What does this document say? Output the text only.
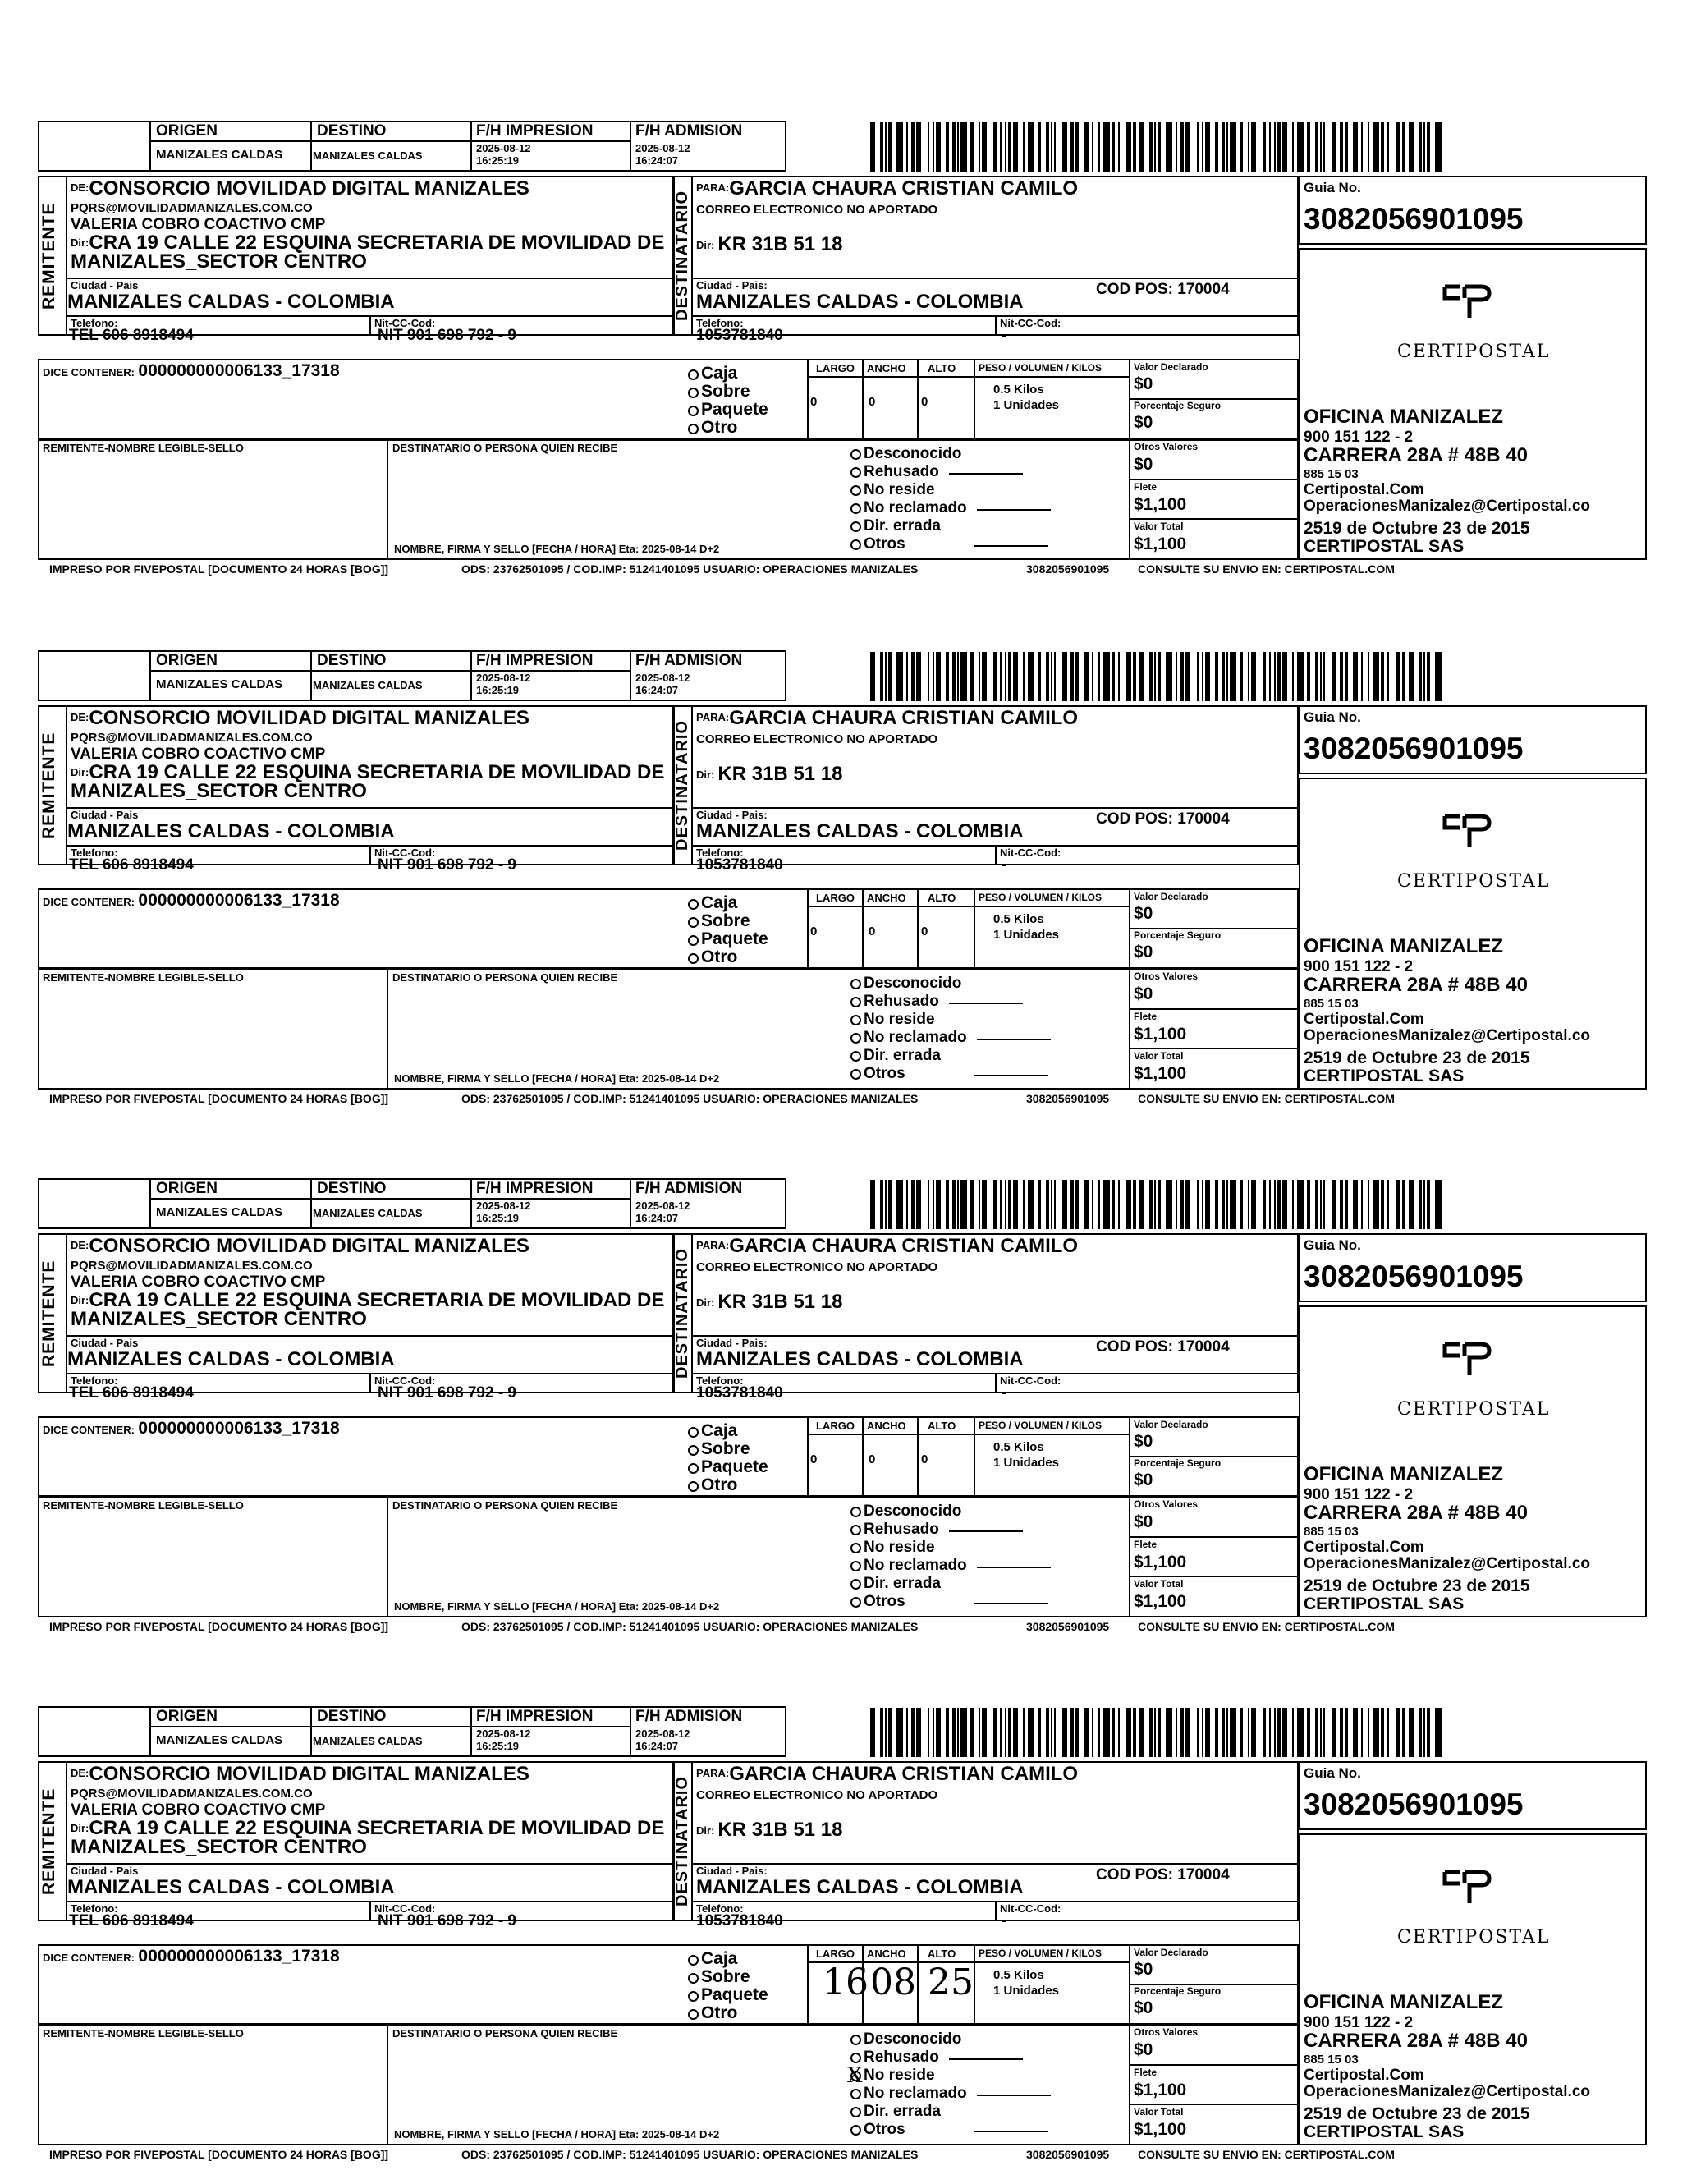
ORIGEN
MANIZALES CALDAS
DESTINO
MANIZALES CALDAS
F/H IMPRESION
2025-08-12
16:25:19
F/H ADMISION
2025-08-12
16:24:07
REMITENTE
$^{DE:}$CONSORCIO MOVILIDAD DIGITAL MANIZALES
PQRS@MOVILIDADMANIZALES.COM.CO
VALERIA COBRO COACTIVO CMP
Dir:CRA 19 CALLE 22 ESQUINA SECRETARIA DE MOVILIDAD DE
MANIZALES_SECTOR CENTRO
Ciudad - Pais
MANIZALES CALDAS - COLOMBIA
Telefono:
TEL 606 8918494
Nit-CC-Cod:
NIT 901 698 792 - 9
DESTINATARIO
$^{PARA:}$GARCIA CHAURA CRISTIAN CAMILO
CORREO ELECTRONICO NO APORTADO
Dir: KR 31B 51 18
Ciudad - Pais:
MANIZALES CALDAS - COLOMBIA
COD POS: 170004
Telefono:
1053781840
Nit-CC-Cod:
-
Guia No.
3082056901095
CERTIPOSTAL
OFICINA MANIZALEZ
900 151 122 - 2
CARRERA 28A # 48B 40
885 15 03
Certipostal.Com
OperacionesManizalez@Certipostal.co
2519 de Octubre 23 de 2015
CERTIPOSTAL SAS
DICE CONTENER: 000000000006133_17318	Caja
Sobre
Paquete
Otro
LARGO ANCHO ALTO PESO / VOLUMEN / KILOS
0	0	0
0.5 Kilos
1 Unidades
Valor Declarado
$0
Porcentaje Seguro
$0
REMITENTE-NOMBRE LEGIBLE-SELLO	DESTINATARIO O PERSONA QUIEN RECIBE
NOMBRE, FIRMA Y SELLO [FECHA / HORA] Eta: 2025-08-14 D+2
Desconocido
Rehusado
No reside
No reclamado
Dir. errada
Otros
Otros Valores
$0
Flete
$1,100
Valor Total
$1,100
IMPRESO POR FIVEPOSTAL [DOCUMENTO 24 HORAS [BOG]]	ODS: 23762501095 / COD.IMP: 51241401095 USUARIO: OPERACIONES MANIZALES	3082056901095 CONSULTE SU ENVIO EN: CERTIPOSTAL.COM
ORIGEN
MANIZALES CALDAS
DESTINO
MANIZALES CALDAS
F/H IMPRESION
2025-08-12
16:25:19
F/H ADMISION
2025-08-12
16:24:07
REMITENTE
$^{DE:}$CONSORCIO MOVILIDAD DIGITAL MANIZALES
PQRS@MOVILIDADMANIZALES.COM.CO
VALERIA COBRO COACTIVO CMP
Dir:CRA 19 CALLE 22 ESQUINA SECRETARIA DE MOVILIDAD DE
MANIZALES_SECTOR CENTRO
Ciudad - Pais
MANIZALES CALDAS - COLOMBIA
Telefono:
TEL 606 8918494
Nit-CC-Cod:
NIT 901 698 792 - 9
DESTINATARIO
$^{PARA:}$GARCIA CHAURA CRISTIAN CAMILO
CORREO ELECTRONICO NO APORTADO
Dir: KR 31B 51 18
Ciudad - Pais:
MANIZALES CALDAS - COLOMBIA
COD POS: 170004
Telefono:
1053781840
Nit-CC-Cod:
-
Guia No.
3082056901095
CERTIPOSTAL
OFICINA MANIZALEZ
900 151 122 - 2
CARRERA 28A # 48B 40
885 15 03
Certipostal.Com
OperacionesManizalez@Certipostal.co
2519 de Octubre 23 de 2015
CERTIPOSTAL SAS
DICE CONTENER: 000000000006133_17318	Caja
Sobre
Paquete
Otro
LARGO ANCHO ALTO PESO / VOLUMEN / KILOS
0	0	0
0.5 Kilos
1 Unidades
Valor Declarado
$0
Porcentaje Seguro
$0
REMITENTE-NOMBRE LEGIBLE-SELLO	DESTINATARIO O PERSONA QUIEN RECIBE
NOMBRE, FIRMA Y SELLO [FECHA / HORA] Eta: 2025-08-14 D+2
Desconocido
Rehusado
No reside
No reclamado
Dir. errada
Otros
Otros Valores
$0
Flete
$1,100
Valor Total
$1,100
IMPRESO POR FIVEPOSTAL [DOCUMENTO 24 HORAS [BOG]]	ODS: 23762501095 / COD.IMP: 51241401095 USUARIO: OPERACIONES MANIZALES	3082056901095 CONSULTE SU ENVIO EN: CERTIPOSTAL.COM
ORIGEN
MANIZALES CALDAS
DESTINO
MANIZALES CALDAS
F/H IMPRESION
2025-08-12
16:25:19
F/H ADMISION
2025-08-12
16:24:07
REMITENTE
$^{DE:}$CONSORCIO MOVILIDAD DIGITAL MANIZALES
PQRS@MOVILIDADMANIZALES.COM.CO
VALERIA COBRO COACTIVO CMP
Dir:CRA 19 CALLE 22 ESQUINA SECRETARIA DE MOVILIDAD DE
MANIZALES_SECTOR CENTRO
Ciudad - Pais
MANIZALES CALDAS - COLOMBIA
Telefono:
TEL 606 8918494
Nit-CC-Cod:
NIT 901 698 792 - 9
DESTINATARIO
$^{PARA:}$GARCIA CHAURA CRISTIAN CAMILO
CORREO ELECTRONICO NO APORTADO
Dir: KR 31B 51 18
Ciudad - Pais:
MANIZALES CALDAS - COLOMBIA
COD POS: 170004
Telefono:
1053781840
Nit-CC-Cod:
-
Guia No.
3082056901095
CERTIPOSTAL
OFICINA MANIZALEZ
900 151 122 - 2
CARRERA 28A # 48B 40
885 15 03
Certipostal.Com
OperacionesManizalez@Certipostal.co
2519 de Octubre 23 de 2015
CERTIPOSTAL SAS
DICE CONTENER: 000000000006133_17318	Caja
Sobre
Paquete
Otro
LARGO ANCHO ALTO PESO / VOLUMEN / KILOS
0	0	0
0.5 Kilos
1 Unidades
Valor Declarado
$0
Porcentaje Seguro
$0
REMITENTE-NOMBRE LEGIBLE-SELLO	DESTINATARIO O PERSONA QUIEN RECIBE
NOMBRE, FIRMA Y SELLO [FECHA / HORA] Eta: 2025-08-14 D+2
Desconocido
Rehusado
No reside
No reclamado
Dir. errada
Otros
Otros Valores
$0
Flete
$1,100
Valor Total
$1,100
IMPRESO POR FIVEPOSTAL [DOCUMENTO 24 HORAS [BOG]]	ODS: 23762501095 / COD.IMP: 51241401095 USUARIO: OPERACIONES MANIZALES	3082056901095 CONSULTE SU ENVIO EN: CERTIPOSTAL.COM
ORIGEN
MANIZALES CALDAS
DESTINO
MANIZALES CALDAS
F/H IMPRESION
2025-08-12
16:25:19
F/H ADMISION
2025-08-12
16:24:07
REMITENTE
$^{DE:}$CONSORCIO MOVILIDAD DIGITAL MANIZALES
PQRS@MOVILIDADMANIZALES.COM.CO
VALERIA COBRO COACTIVO CMP
Dir:CRA 19 CALLE 22 ESQUINA SECRETARIA DE MOVILIDAD DE
MANIZALES_SECTOR CENTRO
Ciudad - Pais
MANIZALES CALDAS - COLOMBIA
Telefono:
TEL 606 8918494
Nit-CC-Cod:
NIT 901 698 792 - 9
DESTINATARIO
$^{PARA:}$GARCIA CHAURA CRISTIAN CAMILO
CORREO ELECTRONICO NO APORTADO
Dir: KR 31B 51 18
Ciudad - Pais:
MANIZALES CALDAS - COLOMBIA
COD POS: 170004
Telefono:
1053781840
Nit-CC-Cod:
-
Guia No.
3082056901095
CERTIPOSTAL
OFICINA MANIZALEZ
900 151 122 - 2
CARRERA 28A # 48B 40
885 15 03
Certipostal.Com
OperacionesManizalez@Certipostal.co
2519 de Octubre 23 de 2015
CERTIPOSTAL SAS
DICE CONTENER: 000000000006133_17318	Caja
Sobre
Paquete
Otro
LARGO ANCHO ALTO PESO / VOLUMEN / KILOS
16 08 25 0.5 Kilos
1 Unidades
Valor Declarado
$0
Porcentaje Seguro
$0
REMITENTE-NOMBRE LEGIBLE-SELLO	DESTINATARIO O PERSONA QUIEN RECIBE
NOMBRE, FIRMA Y SELLO [FECHA / HORA] Eta: 2025-08-14 D+2
Desconocido
Rehusado
No reside
No reclamado
Dir. errada
Otros
Otros Valores
$0
Flete
$1,100
Valor Total
$1,100
IMPRESO POR FIVEPOSTAL [DOCUMENTO 24 HORAS [BOG]]	ODS: 23762501095 / COD.IMP: 51241401095 USUARIO: OPERACIONES MANIZALES	3082056901095 CONSULTE SU ENVIO EN: CERTIPOSTAL.COM
X
